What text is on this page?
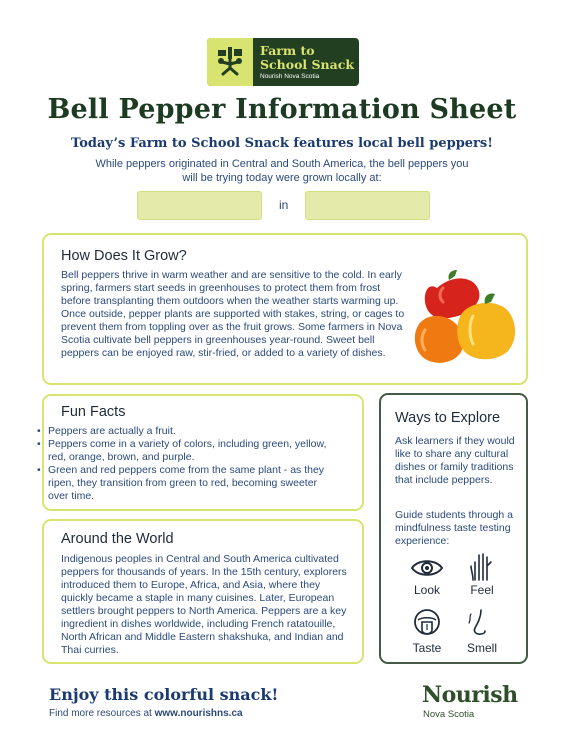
Farm to
School Snack
Nourish Nova Scotia
Bell Pepper Information Sheet
Today’s Farm to School Snack features local bell peppers!
While peppers originated in Central and South America, the bell peppers you will be trying today were grown locally at:
in
How Does It Grow?
Bell peppers thrive in warm weather and are sensitive to the cold. In early spring, farmers start seeds in greenhouses to protect them from frost before transplanting them outdoors when the weather starts warming up. Once outside, pepper plants are supported with stakes, string, or cages to prevent them from toppling over as the fruit grows. Some farmers in Nova Scotia cultivate bell peppers in greenhouses year-round. Sweet bell peppers can be enjoyed raw, stir-fried, or added to a variety of dishes.
Fun Facts
• Peppers are actually a fruit.
• Peppers come in a variety of colors, including green, yellow, red, orange, brown, and purple.
• Green and red peppers come from the same plant - as they ripen, they transition from green to red, becoming sweeter over time.
Around the World
Indigenous peoples in Central and South America cultivated peppers for thousands of years. In the 15th century, explorers introduced them to Europe, Africa, and Asia, where they quickly became a staple in many cuisines. Later, European settlers brought peppers to North America. Peppers are a key ingredient in dishes worldwide, including French ratatouille, North African and Middle Eastern shakshuka, and Indian and Thai curries.
Ways to Explore
Ask learners if they would like to share any cultural dishes or family traditions that include peppers.
Guide students through a mindfulness taste testing experience:
Look	Feel
Taste	Smell
Enjoy this colorful snack!
Find more resources at www.nourishns.ca
Nourish
Nova Scotia
